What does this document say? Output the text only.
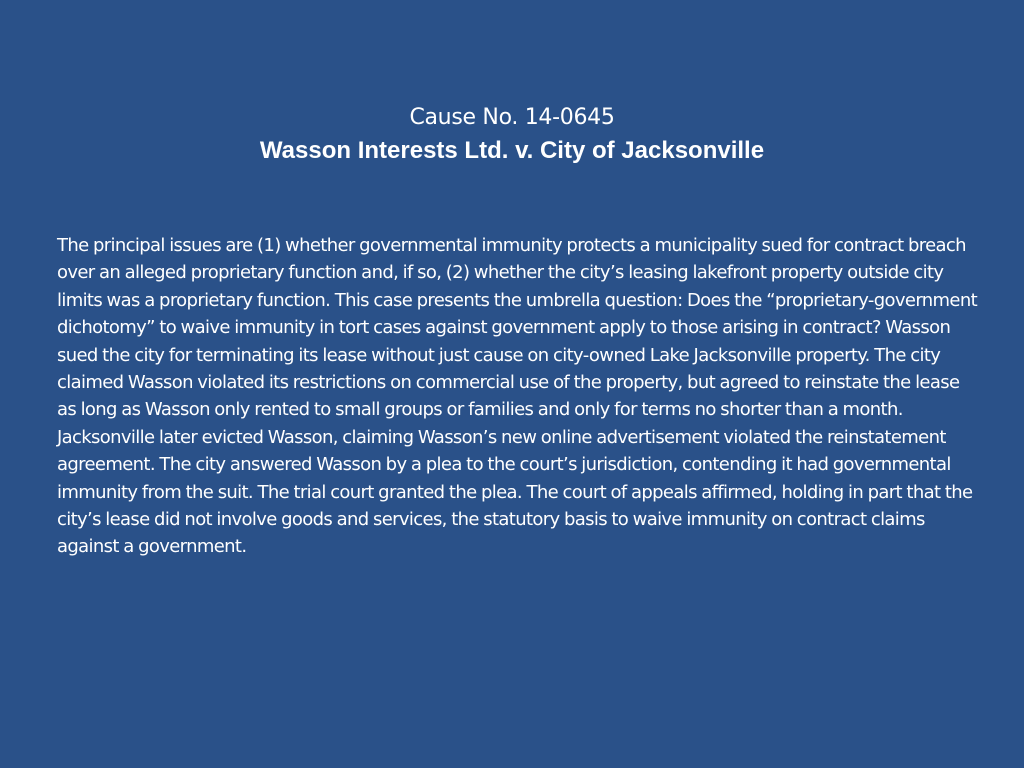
Cause No. 14-0645
Wasson Interests Ltd. v. City of Jacksonville
The principal issues are (1) whether governmental immunity protects a municipality sued for contract breach over an alleged proprietary function and, if so, (2) whether the city’s leasing lakefront property outside city limits was a proprietary function. This case presents the umbrella question: Does the “proprietary-government dichotomy” to waive immunity in tort cases against government apply to those arising in contract? Wasson sued the city for terminating its lease without just cause on city-owned Lake Jacksonville property. The city claimed Wasson violated its restrictions on commercial use of the property, but agreed to reinstate the lease as long as Wasson only rented to small groups or families and only for terms no shorter than a month. Jacksonville later evicted Wasson, claiming Wasson’s new online advertisement violated the reinstatement agreement. The city answered Wasson by a plea to the court’s jurisdiction, contending it had governmental immunity from the suit. The trial court granted the plea. The court of appeals affirmed, holding in part that the city’s lease did not involve goods and services, the statutory basis to waive immunity on contract claims against a government.
